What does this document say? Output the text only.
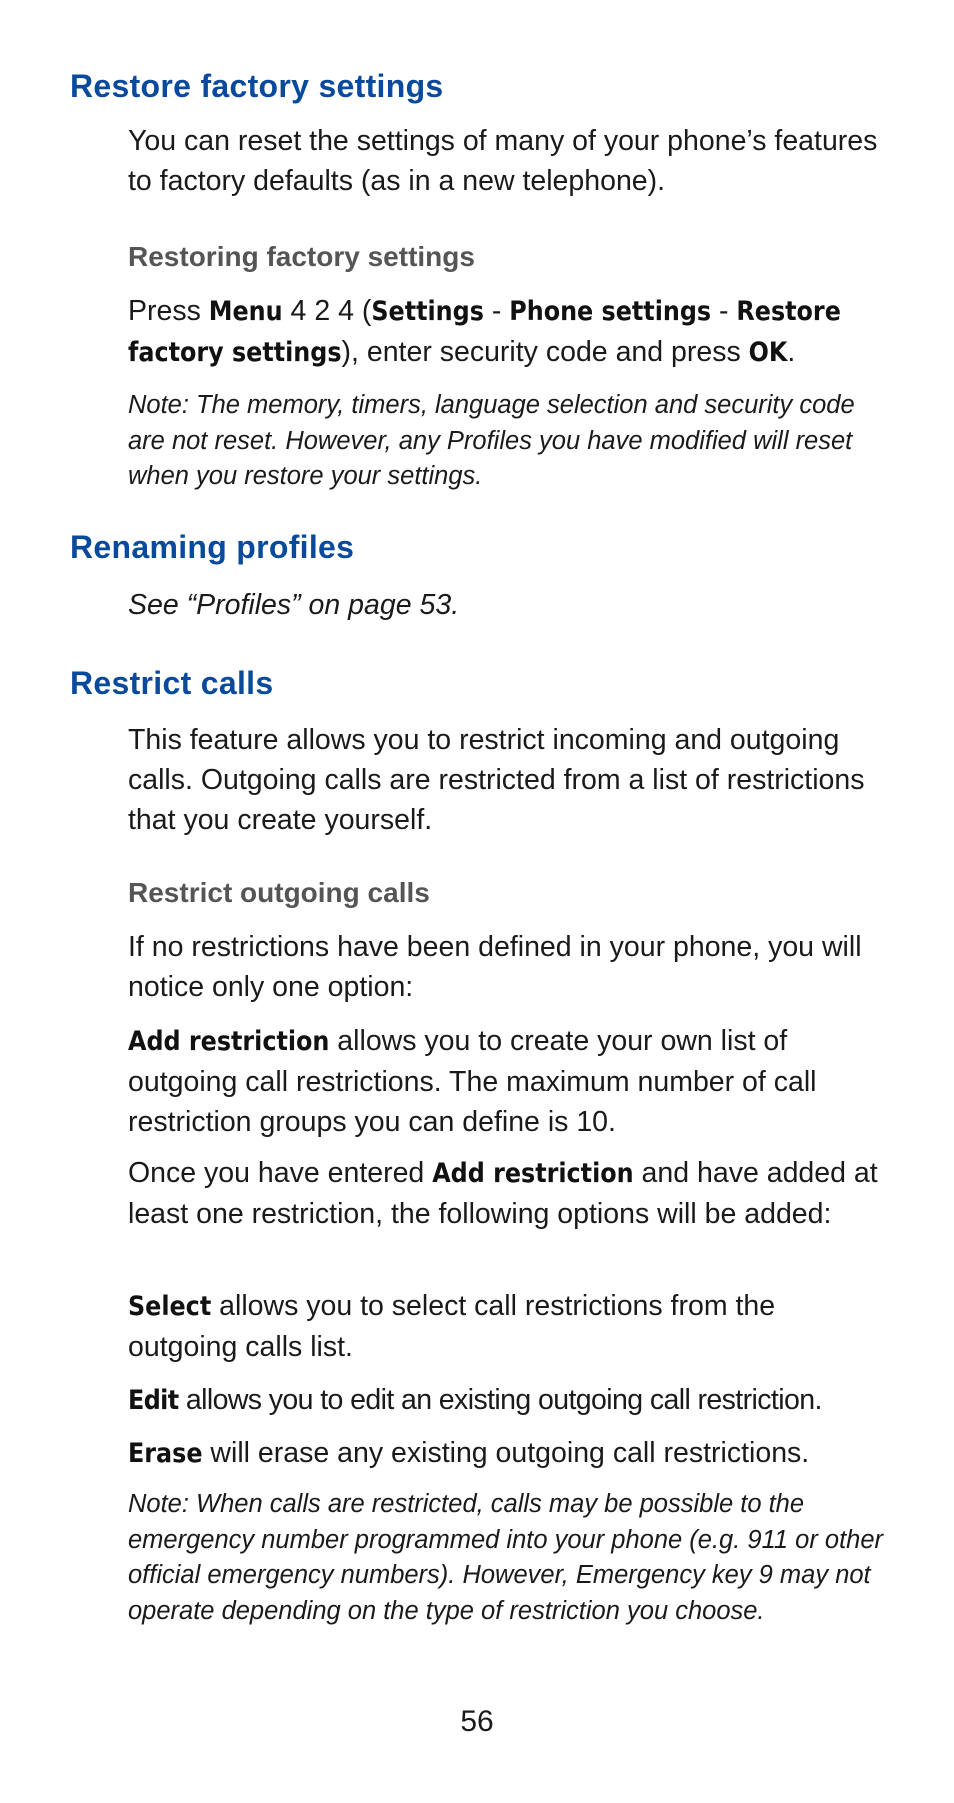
Restore factory settings

You can reset the settings of many of your phone’s features to factory defaults (as in a new telephone).

Restoring factory settings

Press Menu 4 2 4 (Settings - Phone settings - Restore factory settings), enter security code and press OK.

Note: The memory, timers, language selection and security code are not reset. However, any Profiles you have modified will reset when you restore your settings.

Renaming profiles

See “Profiles” on page 53.

Restrict calls

This feature allows you to restrict incoming and outgoing calls. Outgoing calls are restricted from a list of restrictions that you create yourself.

Restrict outgoing calls

If no restrictions have been defined in your phone, you will notice only one option:

Add restriction allows you to create your own list of outgoing call restrictions. The maximum number of call restriction groups you can define is 10.

Once you have entered Add restriction and have added at least one restriction, the following options will be added:

Select allows you to select call restrictions from the outgoing calls list.

Edit allows you to edit an existing outgoing call restriction.

Erase will erase any existing outgoing call restrictions.

Note: When calls are restricted, calls may be possible to the emergency number programmed into your phone (e.g. 911 or other official emergency numbers). However, Emergency key 9 may not operate depending on the type of restriction you choose.

56
